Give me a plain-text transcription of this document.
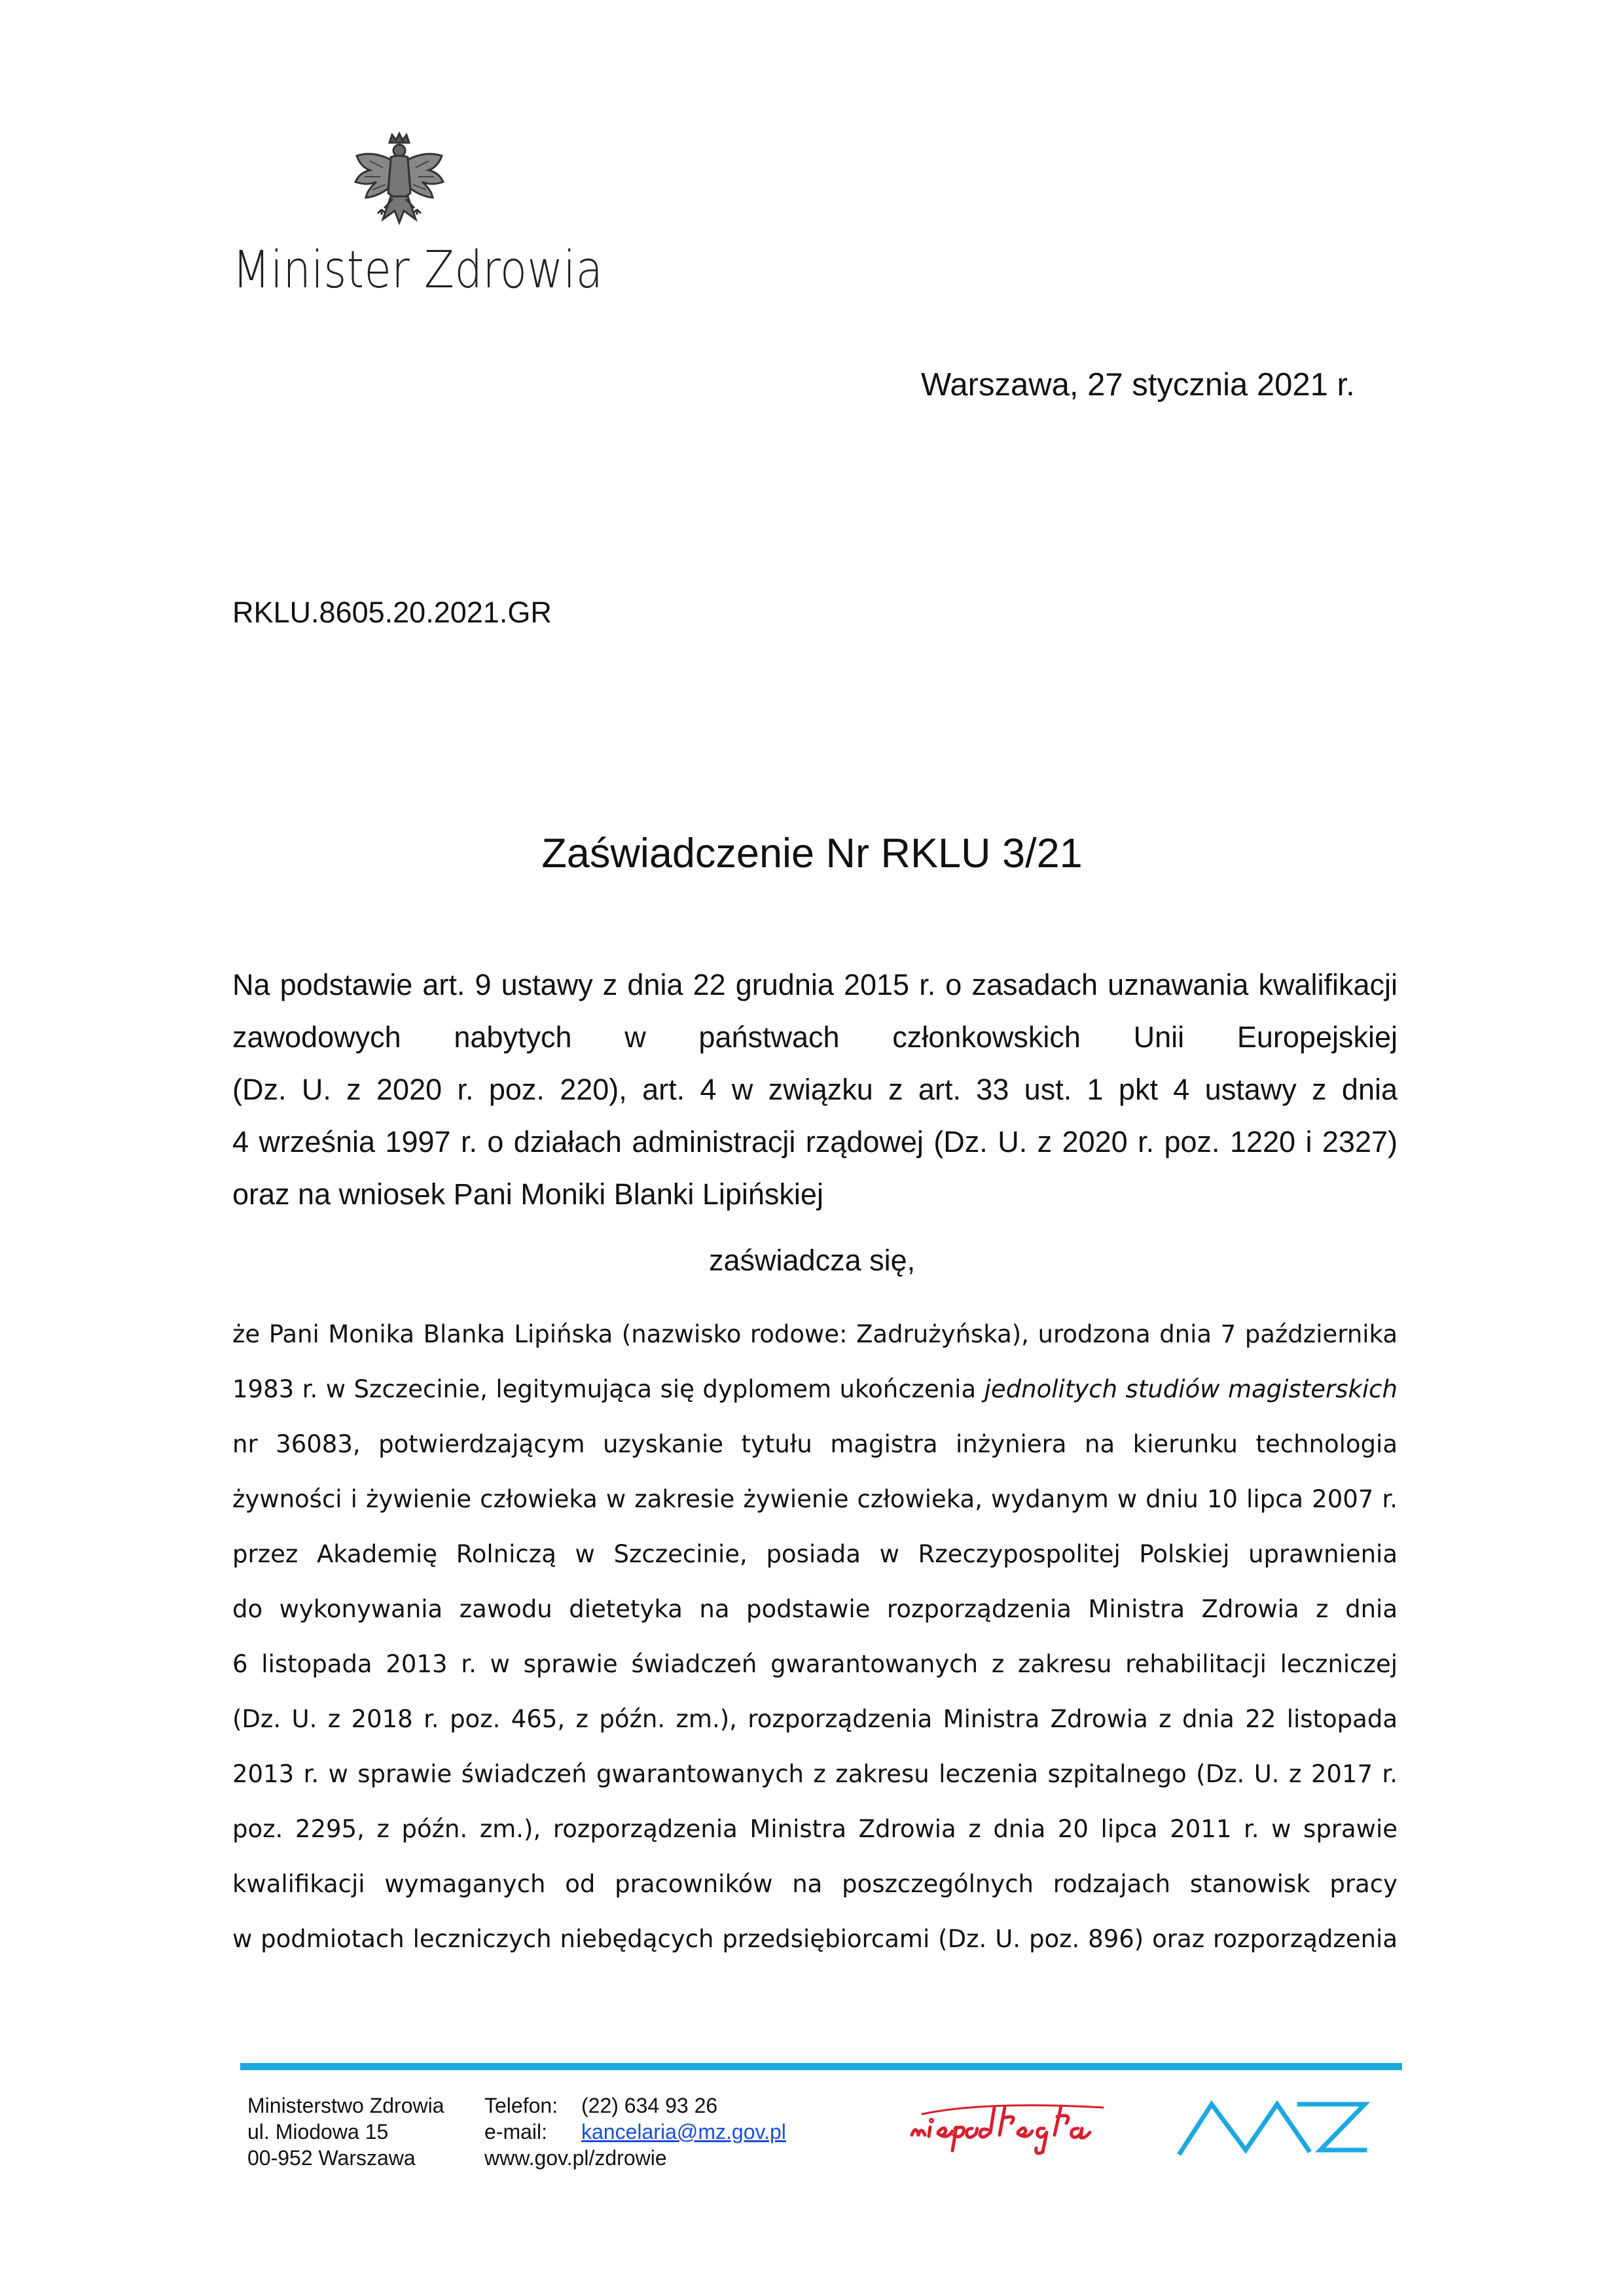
Minister Zdrowia
Warszawa, 27 stycznia 2021 r.
RKLU.8605.20.2021.GR
Zaświadczenie Nr RKLU 3/21
Na podstawie art. 9 ustawy z dnia 22 grudnia 2015 r. o zasadach uznawania kwalifikacji
zawodowych nabytych w państwach członkowskich Unii Europejskiej
(Dz. U. z 2020 r. poz. 220), art. 4 w związku z art. 33 ust. 1 pkt 4 ustawy z dnia
4 września 1997 r. o działach administracji rządowej (Dz. U. z 2020 r. poz. 1220 i 2327)
oraz na wniosek Pani Moniki Blanki Lipińskiej
zaświadcza się,
że Pani Monika Blanka Lipińska (nazwisko rodowe: Zadrużyńska), urodzona dnia 7 października
1983 r. w Szczecinie, legitymująca się dyplomem ukończenia jednolitych studiów magisterskich
nr 36083, potwierdzającym uzyskanie tytułu magistra inżyniera na kierunku technologia
żywności i żywienie człowieka w zakresie żywienie człowieka, wydanym w dniu 10 lipca 2007 r.
przez Akademię Rolniczą w Szczecinie, posiada w Rzeczypospolitej Polskiej uprawnienia
do wykonywania zawodu dietetyka na podstawie rozporządzenia Ministra Zdrowia z dnia
6 listopada 2013 r. w sprawie świadczeń gwarantowanych z zakresu rehabilitacji leczniczej
(Dz. U. z 2018 r. poz. 465, z późn. zm.), rozporządzenia Ministra Zdrowia z dnia 22 listopada
2013 r. w sprawie świadczeń gwarantowanych z zakresu leczenia szpitalnego (Dz. U. z 2017 r.
poz. 2295, z późn. zm.), rozporządzenia Ministra Zdrowia z dnia 20 lipca 2011 r. w sprawie
kwalifikacji wymaganych od pracowników na poszczególnych rodzajach stanowisk pracy
w podmiotach leczniczych niebędących przedsiębiorcami (Dz. U. poz. 896) oraz rozporządzenia
Ministerstwo Zdrowia
ul. Miodowa 15
00-952 Warszawa
Telefon:
e-mail:
www.gov.pl/zdrowie
(22) 634 93 26
kancelaria@mz.gov.pl
